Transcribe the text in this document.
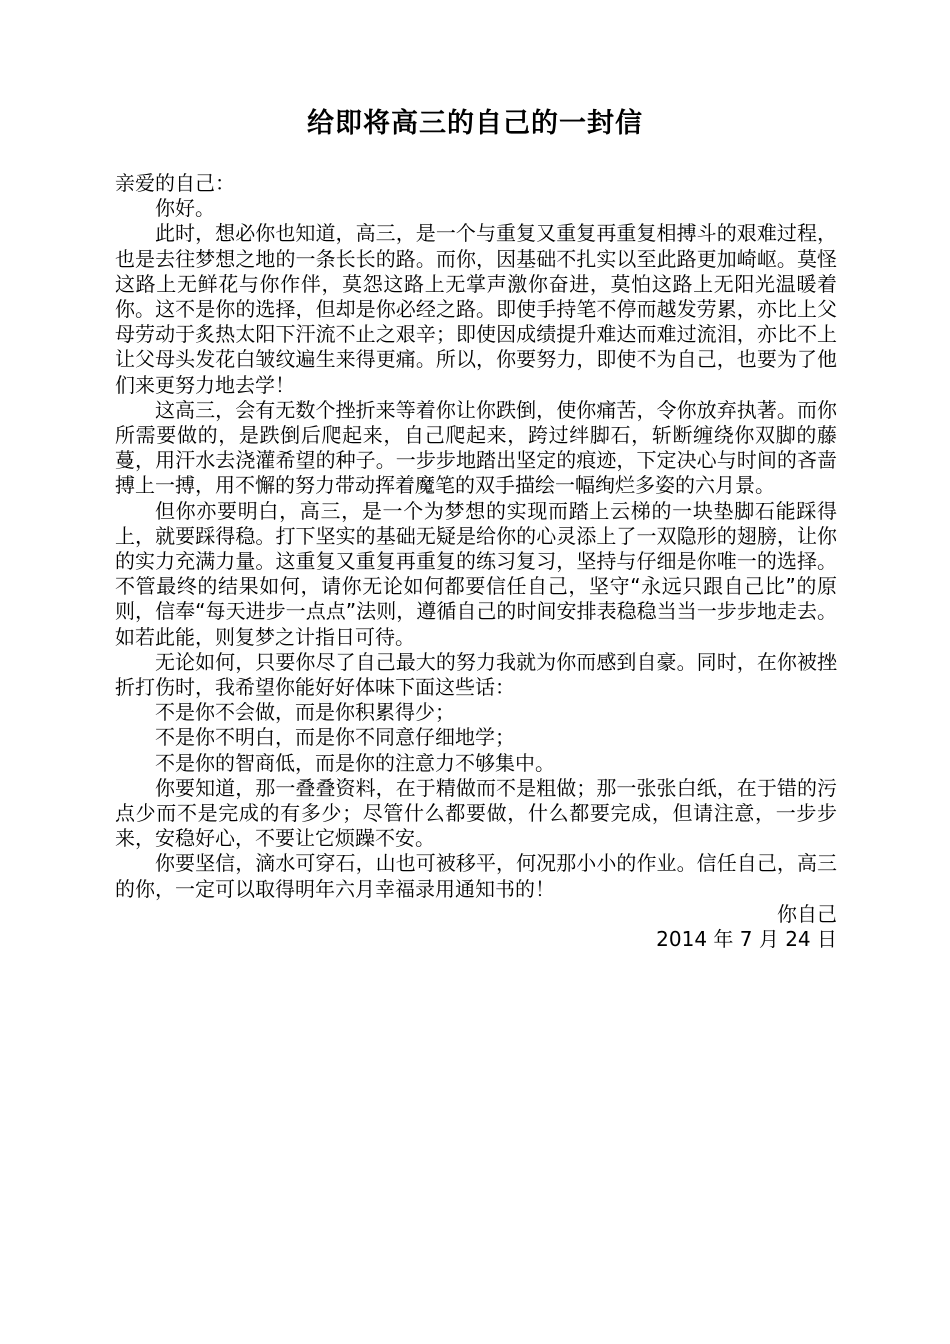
给即将高三的自己的一封信

亲爱的自己：

你好。

此时，想必你也知道，高三，是一个与重复又重复再重复相搏斗的艰难过程，也是去往梦想之地的一条长长的路。而你，因基础不扎实以至此路更加崎岖。莫怪这路上无鲜花与你作伴，莫怨这路上无掌声激你奋进，莫怕这路上无阳光温暖着你。这不是你的选择，但却是你必经之路。即使手持笔不停而越发劳累，亦比上父母劳动于炙热太阳下汗流不止之艰辛；即使因成绩提升难达而难过流泪，亦比不上让父母头发花白皱纹遍生来得更痛。所以，你要努力，即使不为自己，也要为了他们来更努力地去学！

这高三，会有无数个挫折来等着你让你跌倒，使你痛苦，令你放弃执著。而你所需要做的，是跌倒后爬起来，自己爬起来，跨过绊脚石，斩断缠绕你双脚的藤蔓，用汗水去浇灌希望的种子。一步步地踏出坚定的痕迹，下定决心与时间的吝啬搏上一搏，用不懈的努力带动挥着魔笔的双手描绘一幅绚烂多姿的六月景。

但你亦要明白，高三，是一个为梦想的实现而踏上云梯的一块垫脚石能踩得上，就要踩得稳。打下坚实的基础无疑是给你的心灵添上了一双隐形的翅膀，让你的实力充满力量。这重复又重复再重复的练习复习，坚持与仔细是你唯一的选择。不管最终的结果如何，请你无论如何都要信任自己，坚守“永远只跟自己比”的原则，信奉“每天进步一点点”法则，遵循自己的时间安排表稳稳当当一步步地走去。如若此能，则复梦之计指日可待。

无论如何，只要你尽了自己最大的努力我就为你而感到自豪。同时，在你被挫折打伤时，我希望你能好好体味下面这些话：

不是你不会做，而是你积累得少；

不是你不明白，而是你不同意仔细地学；

不是你的智商低，而是你的注意力不够集中。

你要知道，那一叠叠资料，在于精做而不是粗做；那一张张白纸，在于错的污点少而不是完成的有多少；尽管什么都要做，什么都要完成，但请注意，一步步来，安稳好心，不要让它烦躁不安。

你要坚信，滴水可穿石，山也可被移平，何况那小小的作业。信任自己，高三的你，一定可以取得明年六月幸福录用通知书的！

你自己

2014 年 7 月 24 日
